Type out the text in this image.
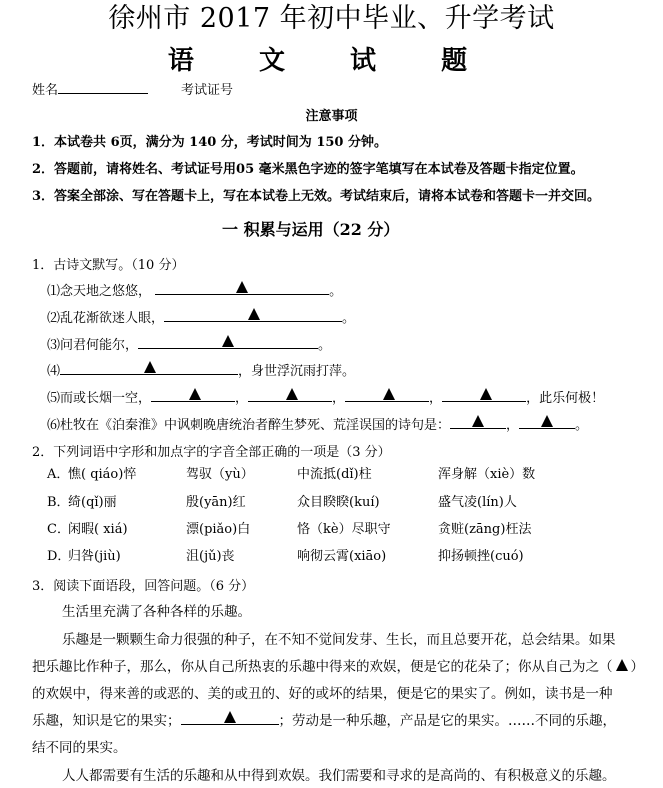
徐州市 2017 年初中毕业、升学考试
语 文 试 题
姓名	考试证号
注意事项
1．本试卷共 6页，满分为 140 分，考试时间为 150 分钟。
2．答题前，请将姓名、考试证号用05 毫米黑色字迹的签字笔填写在本试卷及答题卡指定位置。
3．答案全部涂、写在答题卡上，写在本试卷上无效。考试结束后，请将本试卷和答题卡一并交回。
一 积累与运用（22 分）
1．古诗文默写。（10 分）
⑴念天地之悠悠，	。
⑵乱花渐欲迷人眼，	。
⑶问君何能尔，	。
⑷	，身世浮沉雨打萍。
⑸而或长烟一空，	，	，	，	，此乐何极！
⑹杜牧在《泊秦淮》中讽刺晚唐统治者醉生梦死、荒淫误国的诗句是：	，	。
2．下列词语中字形和加点字的字音全部正确的一项是（3 分）
A．
憔( qiáo)悴	驾驭（yù）	中流抵(dǐ)柱	浑身解（xiè）数
B．
绮(qǐ)丽	殷(yān)红	众目睽睽(kuí)	盛气凌(lín)人
C．
闲暇( xiá)	漂(piǎo)白	恪（kè）尽职守	贪赃(zāng)枉法
D．
归咎(jiù)	沮(jǔ)丧	响彻云霄(xiāo)	抑扬顿挫(cuó)
3．阅读下面语段，回答问题。（6 分）
生活里充满了各种各样的乐趣。
乐趣是一颗颗生命力很强的种子，在不知不觉间发芽、生长，而且总要开花，总会结果。如果
把乐趣比作种子，那么，你从自己所热衷的乐趣中得来的欢娱，便是它的花朵了；你从自己为之（ ）
的欢娱中，得来善的或恶的、美的或丑的、好的或坏的结果，便是它的果实了。例如，读书是一种
乐趣，知识是它的果实；	；劳动是一种乐趣，产品是它的果实。……不同的乐趣，
结不同的果实。
人人都需要有生活的乐趣和从中得到欢娱。我们需要和寻求的是高尚的、有积极意义的乐趣。
